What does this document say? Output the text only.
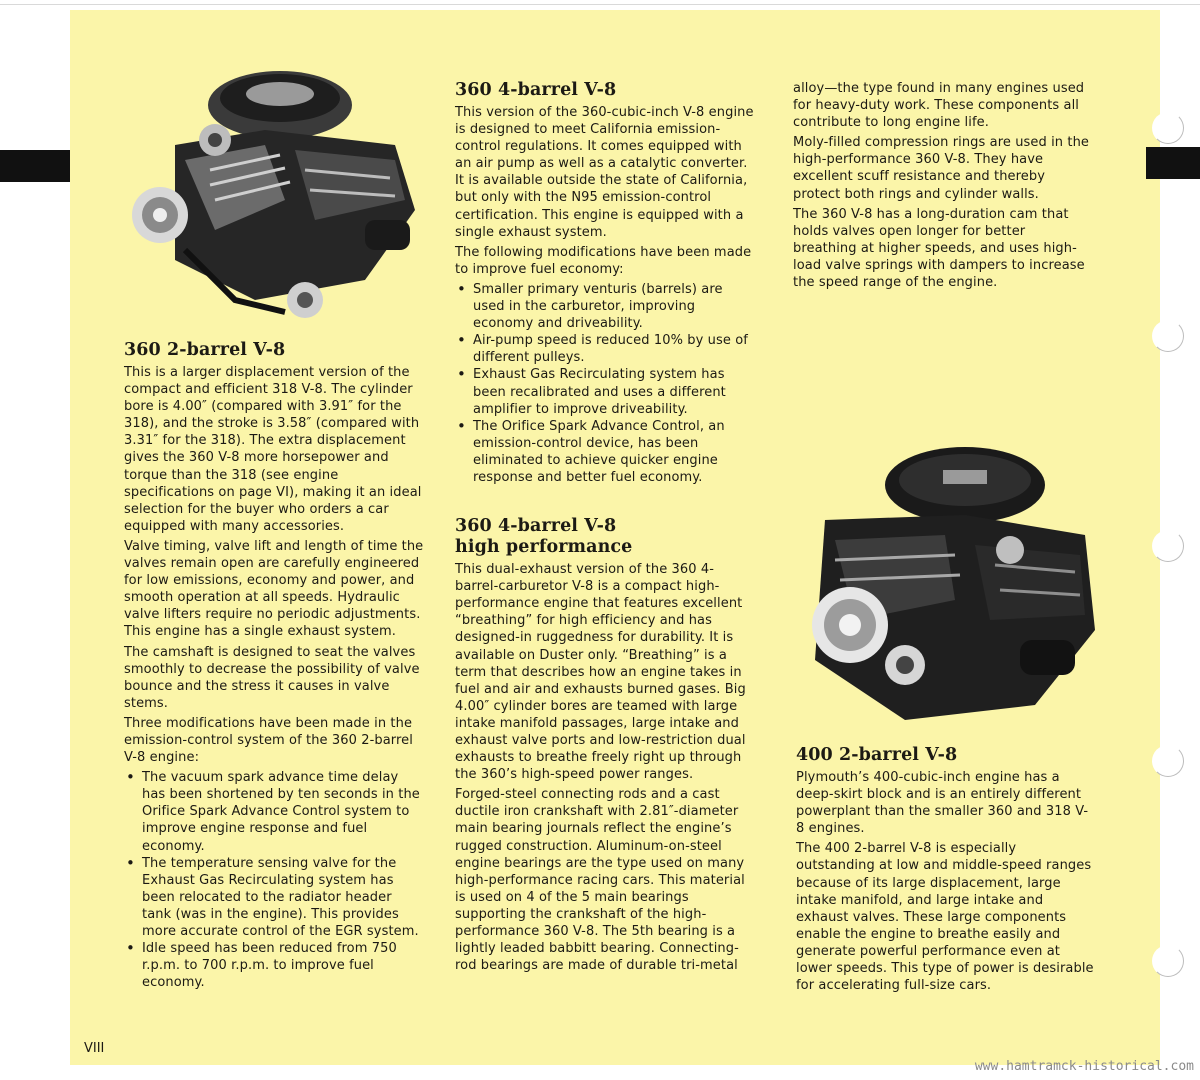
360 2-barrel V-8

This is a larger displacement version of the compact and efficient 318 V-8. The cylinder bore is 4.00″ (compared with 3.91″ for the 318), and the stroke is 3.58″ (compared with 3.31″ for the 318). The extra displacement gives the 360 V-8 more horsepower and torque than the 318 (see engine specifications on page VI), making it an ideal selection for the buyer who orders a car equipped with many accessories.

Valve timing, valve lift and length of time the valves remain open are carefully engineered for low emissions, economy and power, and smooth operation at all speeds. Hydraulic valve lifters require no periodic adjustments. This engine has a single exhaust system.

The camshaft is designed to seat the valves smoothly to decrease the possibility of valve bounce and the stress it causes in valve stems.

Three modifications have been made in the emission-control system of the 360 2-barrel V-8 engine:

• The vacuum spark advance time delay has been shortened by ten seconds in the Orifice Spark Advance Control system to improve engine response and fuel economy.
• The temperature sensing valve for the Exhaust Gas Recirculating system has been relocated to the radiator header tank (was in the engine). This provides more accurate control of the EGR system.
• Idle speed has been reduced from 750 r.p.m. to 700 r.p.m. to improve fuel economy.
360 4-barrel V-8

This version of the 360-cubic-inch V-8 engine is designed to meet California emission-control regulations. It comes equipped with an air pump as well as a catalytic converter. It is available outside the state of California, but only with the N95 emission-control certification. This engine is equipped with a single exhaust system.

The following modifications have been made to improve fuel economy:

• Smaller primary venturis (barrels) are used in the carburetor, improving economy and driveability.
• Air-pump speed is reduced 10% by use of different pulleys.
• Exhaust Gas Recirculating system has been recalibrated and uses a different amplifier to improve driveability.
• The Orifice Spark Advance Control, an emission-control device, has been eliminated to achieve quicker engine response and better fuel economy.
360 4-barrel V-8
high performance

This dual-exhaust version of the 360 4-barrel-carburetor V-8 is a compact high-performance engine that features excellent “breathing” for high efficiency and has designed-in ruggedness for durability. It is available on Duster only. “Breathing” is a term that describes how an engine takes in fuel and air and exhausts burned gases. Big 4.00″ cylinder bores are teamed with large intake manifold passages, large intake and exhaust valve ports and low-restriction dual exhausts to breathe freely right up through the 360’s high-speed power ranges.

Forged-steel connecting rods and a cast ductile iron crankshaft with 2.81″-diameter main bearing journals reflect the engine’s rugged construction. Aluminum-on-steel engine bearings are the type used on many high-performance racing cars. This material is used on 4 of the 5 main bearings supporting the crankshaft of the high-performance 360 V-8. The 5th bearing is a lightly leaded babbitt bearing. Connecting-rod bearings are made of durable tri-metal

alloy—the type found in many engines used for heavy-duty work. These components all contribute to long engine life.

Moly-filled compression rings are used in the high-performance 360 V-8. They have excellent scuff resistance and thereby protect both rings and cylinder walls.

The 360 V-8 has a long-duration cam that holds valves open longer for better breathing at higher speeds, and uses high-load valve springs with dampers to increase the speed range of the engine.

400 2-barrel V-8

Plymouth’s 400-cubic-inch engine has a deep-skirt block and is an entirely different powerplant than the smaller 360 and 318 V-8 engines.

The 400 2-barrel V-8 is especially outstanding at low and middle-speed ranges because of its large displacement, large intake manifold, and large intake and exhaust valves. These large components enable the engine to breathe easily and generate powerful performance even at lower speeds. This type of power is desirable for accelerating full-size cars.

VIII
www.hamtramck-historical.com
